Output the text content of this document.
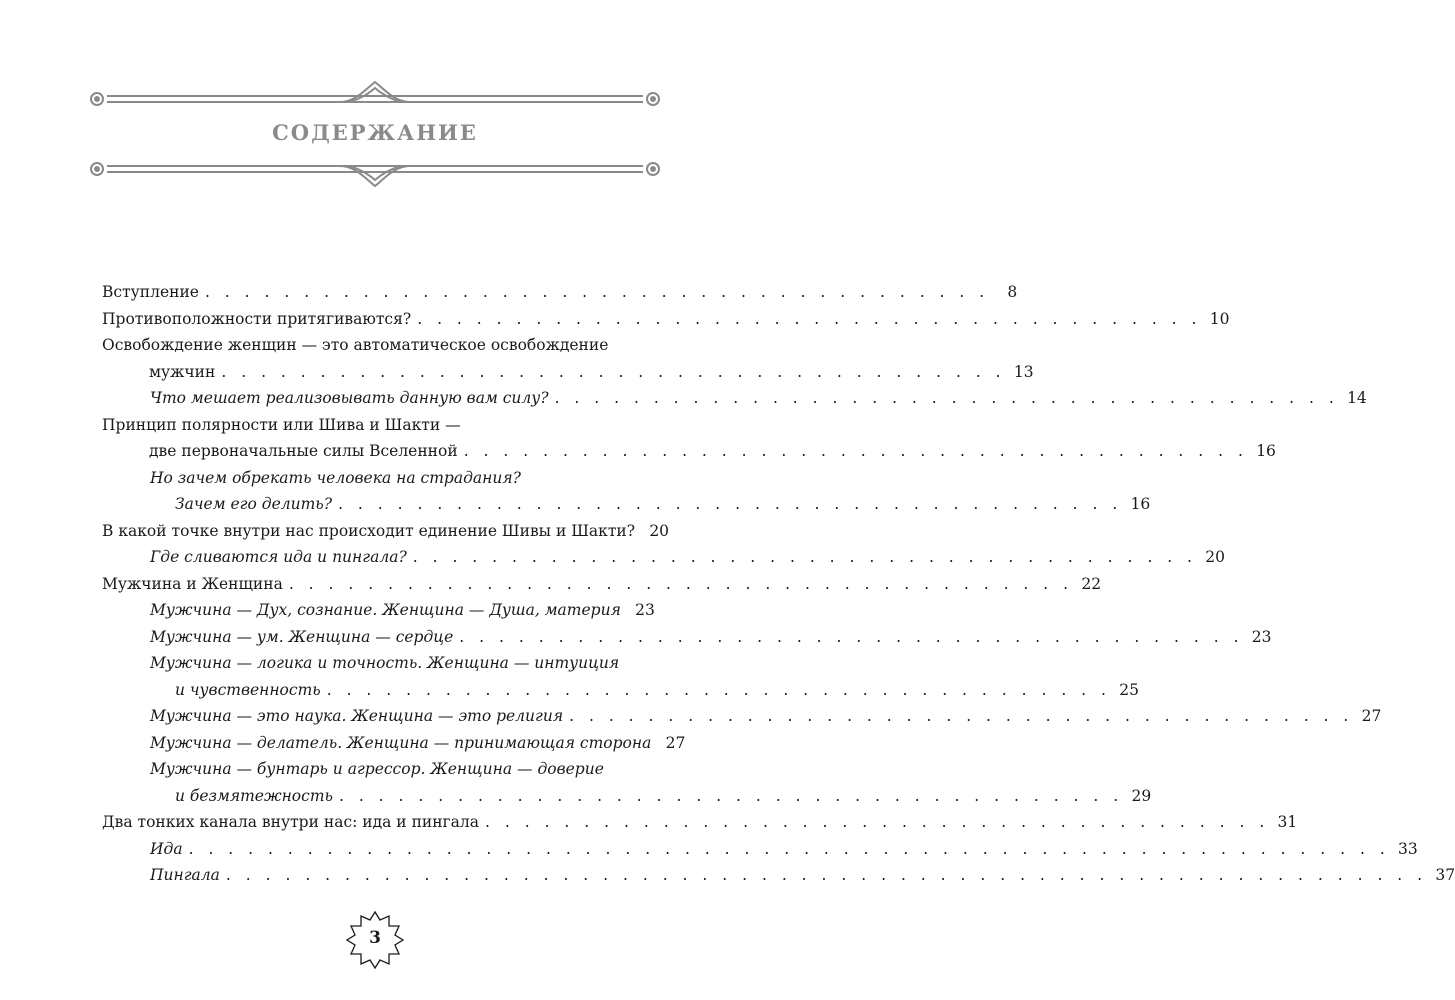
СОДЕРЖАНИЕ
Вступление . . . . . . . . . . . . . . . . . . . . . . . . . . . . . . . . . . . . . . . .	8
Противоположности притягиваются? . . . . . . . . . . . . . . . . . . . . . . . . . . . . . . . . . . . . . . . . 10
Освобождение женщин — это автоматическое освобождение
мужчин . . . . . . . . . . . . . . . . . . . . . . . . . . . . . . . . . . . . . . . . 13
Что мешает реализовывать данную вам силу? . . . . . . . . . . . . . . . . . . . . . . . . . . . . . . . . . . . . . . . . 14
Принцип полярности или Шива и Шакти —
две первоначальные силы Вселенной . . . . . . . . . . . . . . . . . . . . . . . . . . . . . . . . . . . . . . . . 16
Но зачем обрекать человека на страдания?
Зачем его делить? . . . . . . . . . . . . . . . . . . . . . . . . . . . . . . . . . . . . . . . . 16
В какой точке внутри нас происходит единение Шивы и Шакти? 20
Где сливаются ида и пингала? . . . . . . . . . . . . . . . . . . . . . . . . . . . . . . . . . . . . . . . . 20
Мужчина и Женщина . . . . . . . . . . . . . . . . . . . . . . . . . . . . . . . . . . . . . . . . 22
Мужчина — Дух, сознание. Женщина — Душа, материя 23
Мужчина — ум. Женщина — сердце . . . . . . . . . . . . . . . . . . . . . . . . . . . . . . . . . . . . . . . . 23
Мужчина — логика и точность. Женщина — интуиция
и чувственность . . . . . . . . . . . . . . . . . . . . . . . . . . . . . . . . . . . . . . . . 25
Мужчина — это наука. Женщина — это религия . . . . . . . . . . . . . . . . . . . . . . . . . . . . . . . . . . . . . . . . 27
Мужчина — делатель. Женщина — принимающая сторона 27
Мужчина — бунтарь и агрессор. Женщина — доверие
и безмятежность . . . . . . . . . . . . . . . . . . . . . . . . . . . . . . . . . . . . . . . . 29
Два тонких канала внутри нас: ида и пингала . . . . . . . . . . . . . . . . . . . . . . . . . . . . . . . . . . . . . . . . 31
Ида . . . . . . . . . . . . . . . . . . . . . . . . . . . . . . . . . . . . . . . . . . . . . . . . . . . . . . . . . . . . . 33
Пингала . . . . . . . . . . . . . . . . . . . . . . . . . . . . . . . . . . . . . . . . . . . . . . . . . . . . . . . . . . . . . 37
3
